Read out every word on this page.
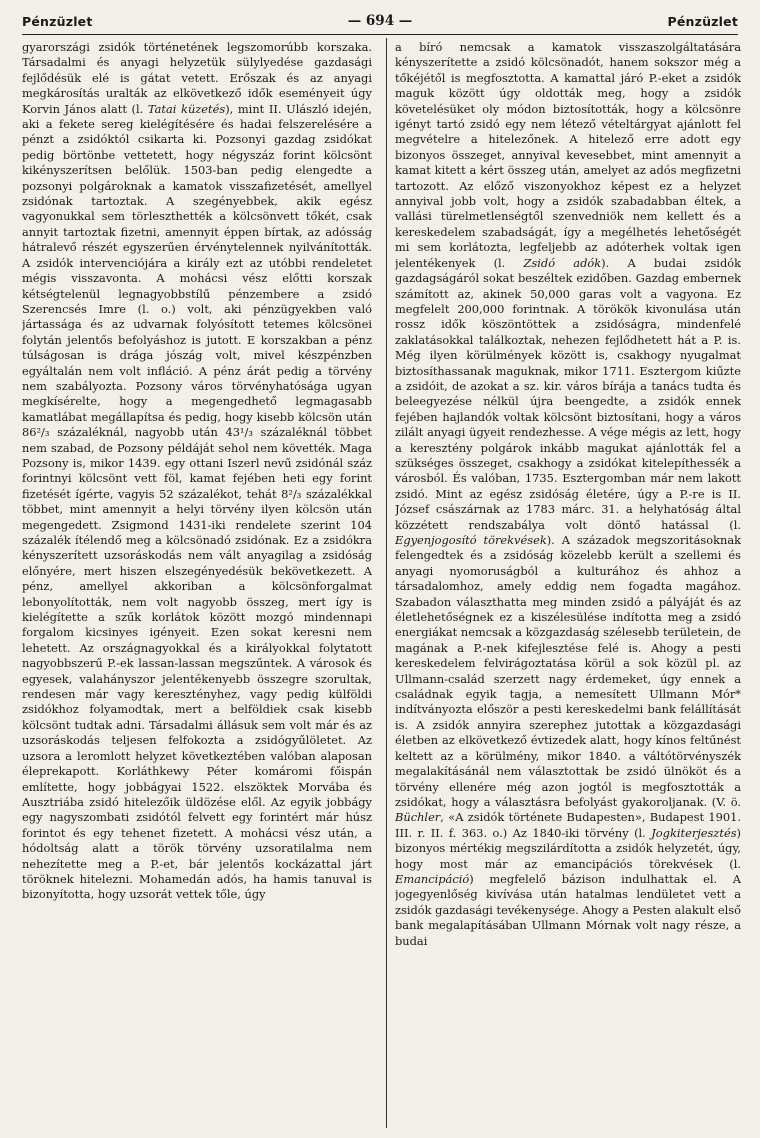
Pénzüzlet	— 694 —	Pénzüzlet

gyarországi zsidók történetének legszomorúbb korszaka. Társadalmi és anyagi helyzetük sülylyedése gazdasági fejlődésük elé is gátat vetett. Erőszak és az anyagi megkárosítás uralták az elkövetkező idők eseményeit úgy Korvin János alatt (l. Tatai küzetés), mint II. Ulászló idején, aki a fekete sereg kielégítésére és hadai felszerelésére a pénzt a zsidóktól csikarta ki. Pozsonyi gazdag zsidókat pedig börtönbe vettetett, hogy négyszáz forint kölcsönt kikényszerítsen belőlük. 1503-ban pedig elengedte a pozsonyi polgároknak a kamatok visszafizetését, amellyel zsidónak tartoztak. A szegényebbek, akik egész vagyonukkal sem törleszthették a kölcsönvett tőkét, csak annyit tartoztak fizetni, amennyit éppen bírtak, az adósság hátralevő részét egyszerűen érvénytelennek nyilvánították. A zsidók intervenciójára a király ezt az utóbbi rendeletet mégis visszavonta. A mohácsi vész előtti korszak kétségtelenül legnagyobbstílű pénzembere a zsidó Szerencsés Imre (l. o.) volt, aki pénzügyekben való jártassága és az udvarnak folyósított tetemes kölcsönei folytán jelentős befolyáshoz is jutott. E korszakban a pénz túlságosan is drága jószág volt, mivel készpénzben egyáltalán nem volt infláció. A pénz árát pedig a törvény nem szabályozta. Pozsony város törvényhatósága ugyan megkísérelte, hogy a megengedhető legmagasabb kamatlábat megállapítsa és pedig, hogy kisebb kölcsön után 86²/₃ százaléknál, nagyobb után 43¹/₃ százaléknál többet nem szabad, de Pozsony példáját sehol nem követték. Maga Pozsony is, mikor 1439. egy ottani Iszerl nevű zsidónál száz forintnyi kölcsönt vett föl, kamat fejében heti egy forint fizetését ígérte, vagyis 52 százalékot, tehát 8²/₃ százalékkal többet, mint amennyit a helyi törvény ilyen kölcsön után megengedett. Zsigmond 1431-iki rendelete szerint 104 százalék ítélendő meg a kölcsönadó zsidónak. Ez a zsidókra kényszerített uzsoráskodás nem vált anyagilag a zsidóság előnyére, mert hiszen elszegényedésük bekövetkezett. A pénz, amellyel akkoriban a kölcsönforgalmat lebonyolították, nem volt nagyobb összeg, mert így is kielégítette a szűk korlátok között mozgó mindennapi forgalom kicsinyes igényeit. Ezen sokat keresni nem lehetett. Az országnagyokkal és a királyokkal folytatott nagyobbszerű P.-ek lassan-lassan megszűntek. A városok és egyesek, valahányszor jelentékenyebb összegre szorultak, rendesen már vagy keresztényhez, vagy pedig külföldi zsidókhoz folyamodtak, mert a belföldiek csak kisebb kölcsönt tudtak adni. Társadalmi állásuk sem volt már és az uzsoráskodás teljesen felfokozta a zsidógyűlöletet. Az uzsora a leromlott helyzet következtében valóban alaposan éleprekapott. Korláthkewy Péter komáromi főispán említette, hogy jobbágyai 1522. elszöktek Morvába és Ausztriába zsidó hitelezőik üldözése elől. Az egyik jobbágy egy nagyszombati zsidótól felvett egy forintért már húsz forintot és egy tehenet fizetett. A mohácsi vész után, a hódoltság alatt a török törvény uzsoratilalma nem nehezítette meg a P.-et, bár jelentős kockázattal járt töröknek hitelezni. Mohamedán adós, ha hamis tanuval is bizonyította, hogy uzsorát vettek tőle, úgy

a bíró nemcsak a kamatok visszaszolgáltatására kényszerítette a zsidó kölcsönadót, hanem sokszor még a tőkéjétől is megfosztotta. A kamattal járó P.-eket a zsidók maguk között úgy oldották meg, hogy a zsidók követelésüket oly módon biztosították, hogy a kölcsönre igényt tartó zsidó egy nem létező vételtárgyat ajánlott fel megvételre a hitelezőnek. A hitelező erre adott egy bizonyos összeget, annyival kevesebbet, mint amennyit a kamat kitett a kért összeg után, amelyet az adós megfizetni tartozott. Az előző viszonyokhoz képest ez a helyzet annyival jobb volt, hogy a zsidók szabadabban éltek, a vallási türelmetlenségtől szenvedniök nem kellett és a kereskedelem szabadságát, így a megélhetés lehetőségét mi sem korlátozta, legfeljebb az adóterhek voltak igen jelentékenyek (l. Zsidó adók). A budai zsidók gazdagságáról sokat beszéltek ezidőben. Gazdag embernek számított az, akinek 50,000 garas volt a vagyona. Ez megfelelt 200,000 forintnak. A törökök kivonulása után rossz idők köszöntöttek a zsidóságra, mindenfelé zaklatásokkal találkoztak, nehezen fejlődhetett hát a P. is. Még ilyen körülmények között is, csakhogy nyugalmat biztosíthassanak maguknak, mikor 1711. Esztergom kiűzte a zsidóit, de azokat a sz. kir. város bírája a tanács tudta és beleegyezése nélkül újra beengedte, a zsidók ennek fejében hajlandók voltak kölcsönt biztosítani, hogy a város zilált anyagi ügyeit rendezhesse. A vége mégis az lett, hogy a keresztény polgárok inkább magukat ajánlották fel a szükséges összeget, csakhogy a zsidókat kitelepíthessék a városból. És valóban, 1735. Esztergomban már nem lakott zsidó. Mint az egész zsidóság életére, úgy a P.-re is II. József császárnak az 1783 márc. 31. a helyhatóság által közzétett rendszabálya volt döntő hatással (l. Egyenjogosító törekvések). A századok megszoritásoknak felengedtek és a zsidóság közelebb került a szellemi és anyagi nyomoruságból a kulturához és ahhoz a társadalomhoz, amely eddig nem fogadta magához. Szabadon választhatta meg minden zsidó a pályáját és az életlehetőségnek ez a kiszélesülése indította meg a zsidó energiákat nemcsak a közgazdaság szélesebb területein, de magának a P.-nek kifejlesztése felé is. Ahogy a pesti kereskedelem felvirágoztatása körül a sok közül pl. az Ullmann-család szerzett nagy érdemeket, úgy ennek a családnak egyik tagja, a nemesített Ullmann Mór* indítványozta először a pesti kereskedelmi bank felállítását is. A zsidók annyira szerephez jutottak a közgazdasági életben az elkövetkező évtizedek alatt, hogy kínos feltűnést keltett az a körülmény, mikor 1840. a váltótörvényszék megalakításánál nem választottak be zsidó ülnököt és a törvény ellenére még azon jogtól is megfosztották a zsidókat, hogy a választásra befolyást gyakoroljanak. (V. ö. Büchler, «A zsidók története Budapesten», Budapest 1901. III. r. II. f. 363. o.) Az 1840-iki törvény (l. Jogkiterjesztés) bizonyos mértékig megszilárdította a zsidók helyzetét, úgy, hogy most már az emancipációs törekvések (l. Emancipáció) megfelelő bázison indulhattak el. A jogegyenlőség kivívása után hatalmas lendületet vett a zsidók gazdasági tevékenysége. Ahogy a Pesten alakult első bank megalapításában Ullmann Mórnak volt nagy része, a budai
